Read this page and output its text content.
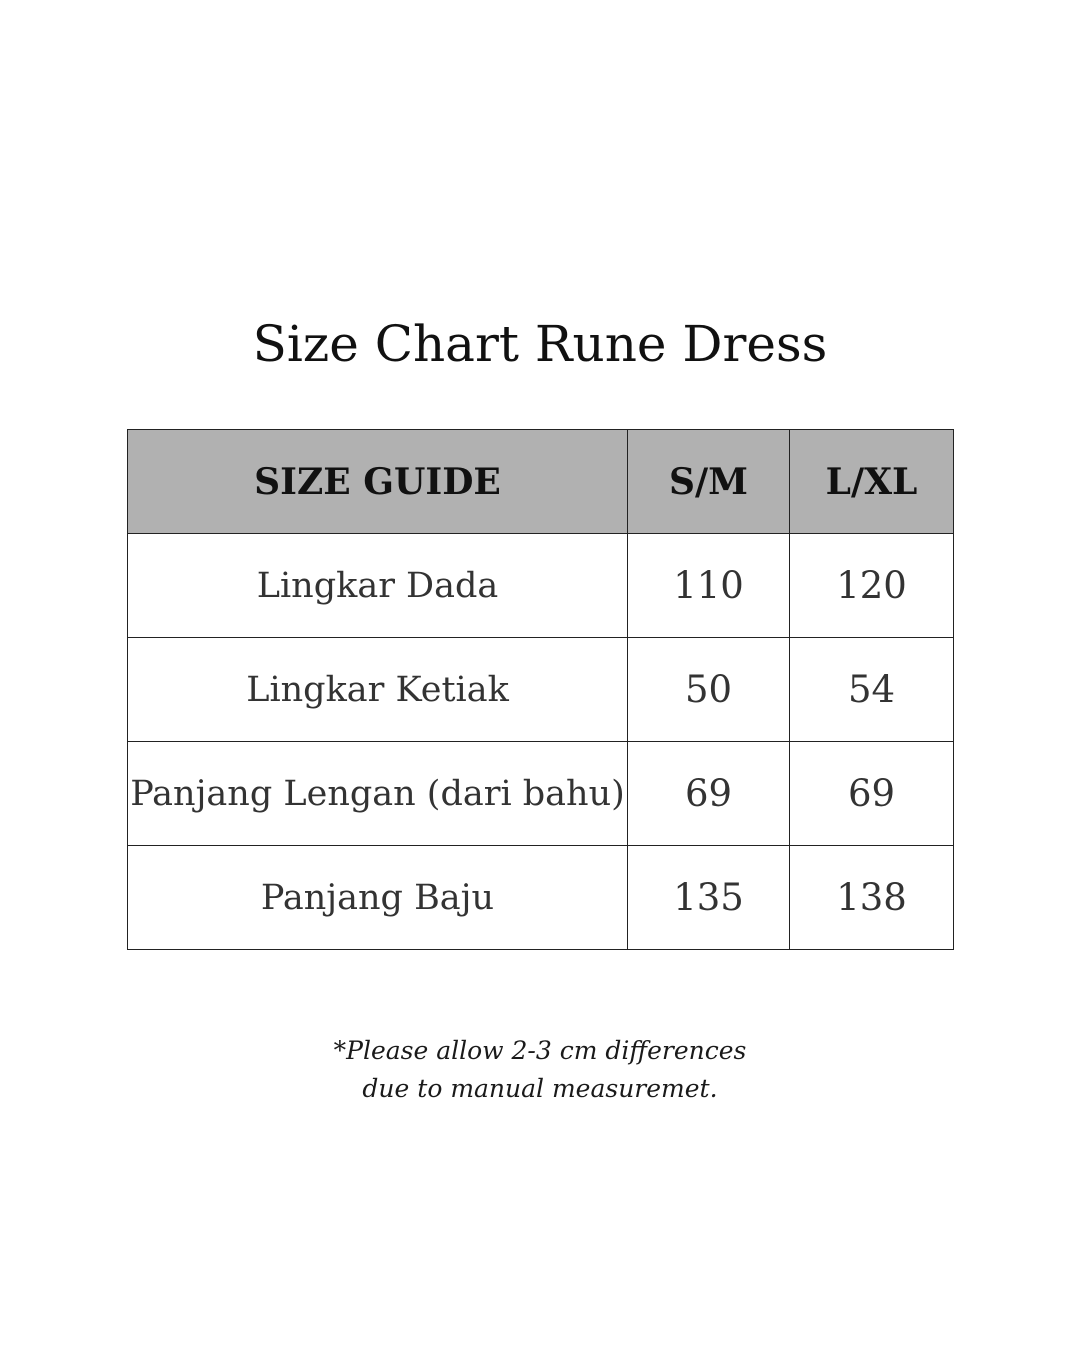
Size Chart Rune Dress
SIZE GUIDE	S/M	L/XL
Lingkar Dada	110	120
Lingkar Ketiak	50	54
Panjang Lengan (dari bahu)	69	69
Panjang Baju	135	138
*Please allow 2-3 cm differences
due to manual measuremet.
